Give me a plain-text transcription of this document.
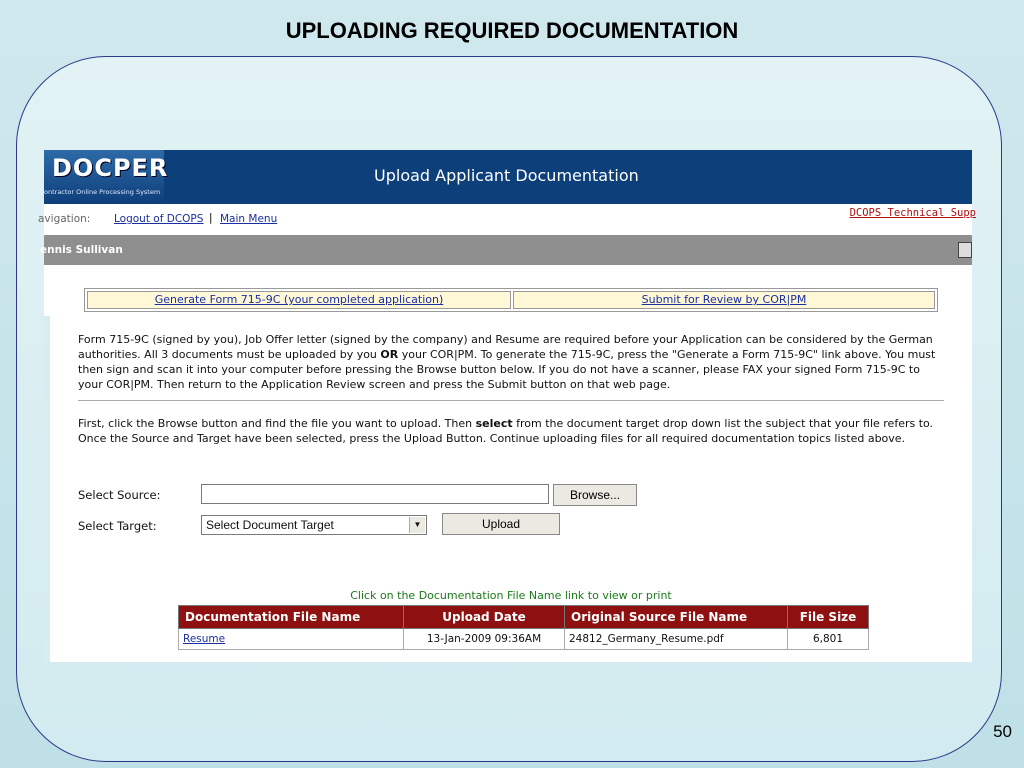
UPLOADING REQUIRED DOCUMENTATION
DOCPER
ontractor Online Processing System
Upload Applicant Documentation
avigation: Logout of DCOPS | Main Menu	DCOPS Technical Supp
ennis Sullivan
Generate Form 715-9C (your completed application)	Submit for Review by COR|PM
Form 715-9C (signed by you), Job Offer letter (signed by the company) and Resume are required before your Application can be considered by the German authorities. All 3 documents must be uploaded by you OR your COR|PM. To generate the 715-9C, press the "Generate a Form 715-9C" link above. You must then sign and scan it into your computer before pressing the Browse button below. If you do not have a scanner, please FAX your signed Form 715-9C to your COR|PM. Then return to the Application Review screen and press the Submit button on that web page.
First, click the Browse button and find the file you want to upload. Then select from the document target drop down list the subject that your file refers to. Once the Source and Target have been selected, press the Upload Button. Continue uploading files for all required documentation topics listed above.
Select Source:	Browse...
Select Target:	Select Document Target	▼	Upload
Click on the Documentation File Name link to view or print
Documentation File Name	Upload Date	Original Source File Name	File Size
Resume	13-Jan-2009 09:36AM	24812_Germany_Resume.pdf	6,801
50
